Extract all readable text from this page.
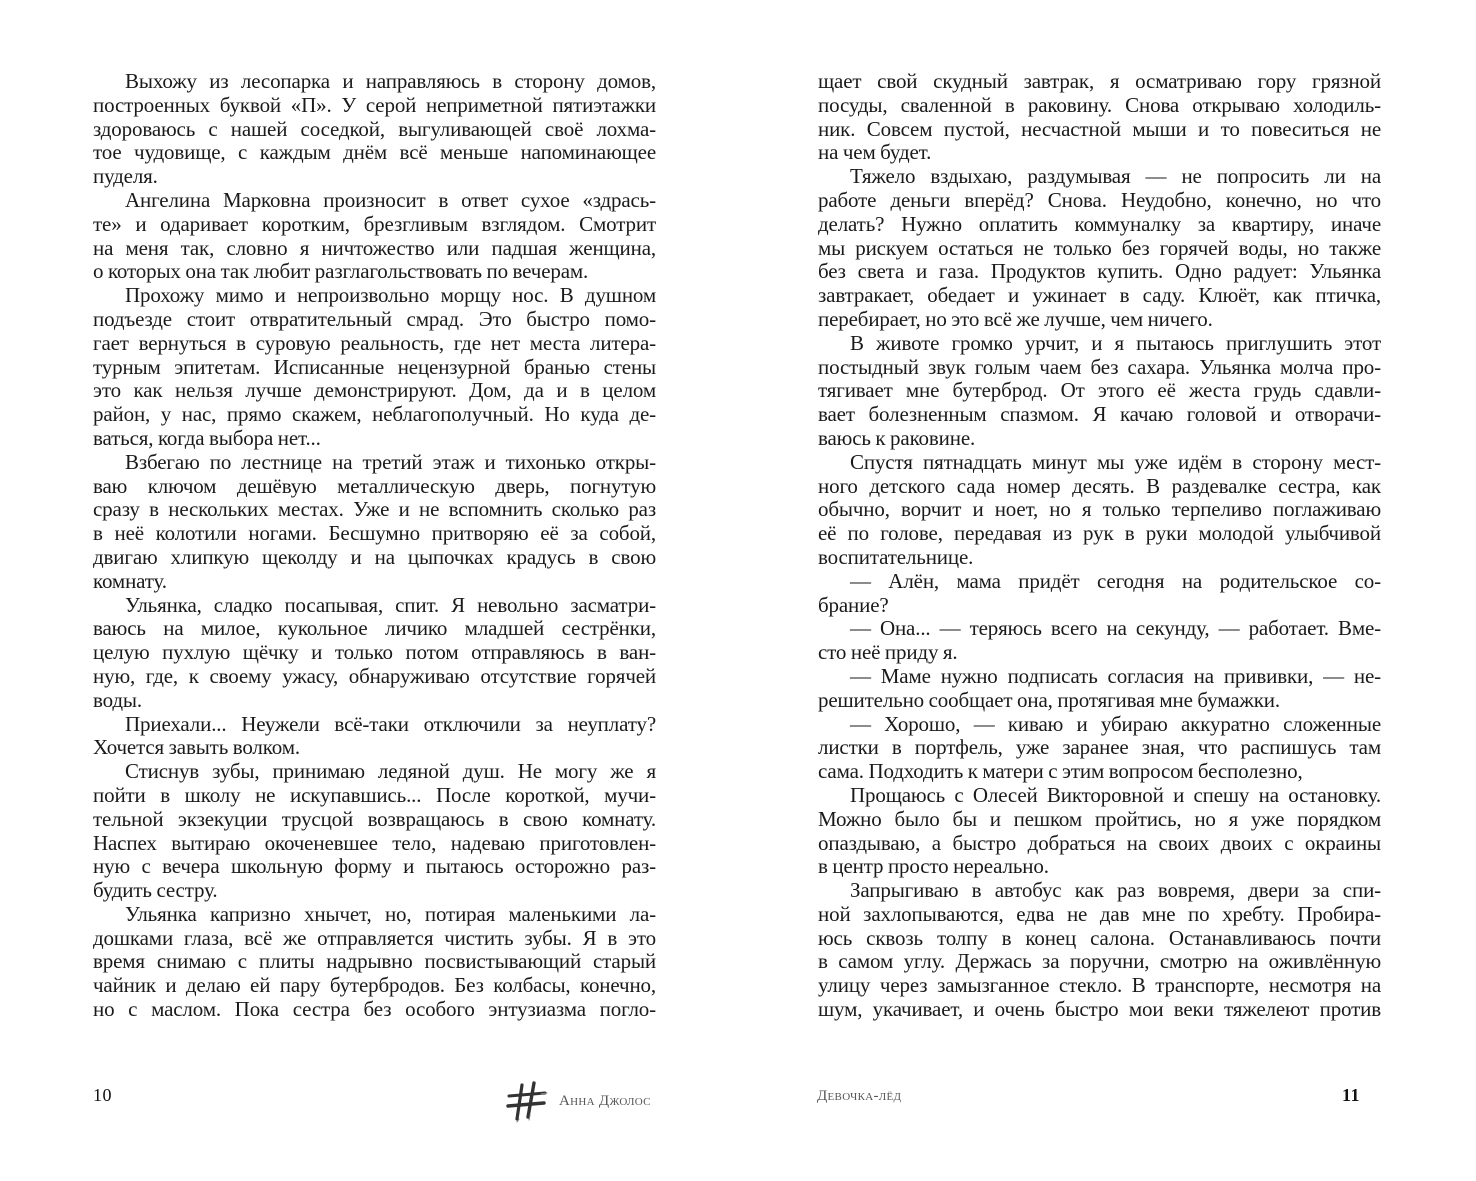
Выхожу из лесопарка и направляюсь в сторону домов,
построенных буквой «П». У серой неприметной пятиэтажки
здороваюсь с нашей соседкой, выгуливающей своё лохма-
тое чудовище, с каждым днём всё меньше напоминающее
пуделя.
Ангелина Марковна произносит в ответ сухое «здрась-
те» и одаривает коротким, брезгливым взглядом. Смотрит
на меня так, словно я ничтожество или падшая женщина,
о которых она так любит разглагольствовать по вечерам.
Прохожу мимо и непроизвольно морщу нос. В душном
подъезде стоит отвратительный смрад. Это быстро помо-
гает вернуться в суровую реальность, где нет места литера-
турным эпитетам. Исписанные нецензурной бранью стены
это как нельзя лучше демонстрируют. Дом, да и в целом
район, у нас, прямо скажем, неблагополучный. Но куда де-
ваться, когда выбора нет...
Взбегаю по лестнице на третий этаж и тихонько откры-
ваю ключом дешёвую металлическую дверь, погнутую
сразу в нескольких местах. Уже и не вспомнить сколько раз
в неё колотили ногами. Бесшумно притворяю её за собой,
двигаю хлипкую щеколду и на цыпочках крадусь в свою
комнату.
Ульянка, сладко посапывая, спит. Я невольно засматри-
ваюсь на милое, кукольное личико младшей сестрёнки,
целую пухлую щёчку и только потом отправляюсь в ван-
ную, где, к своему ужасу, обнаруживаю отсутствие горячей
воды.
Приехали... Неужели всё-таки отключили за неуплату?
Хочется завыть волком.
Стиснув зубы, принимаю ледяной душ. Не могу же я
пойти в школу не искупавшись... После короткой, мучи-
тельной экзекуции трусцой возвращаюсь в свою комнату.
Наспех вытираю окоченевшее тело, надеваю приготовлен-
ную с вечера школьную форму и пытаюсь осторожно раз-
будить сестру.
Ульянка капризно хнычет, но, потирая маленькими ла-
дошками глаза, всё же отправляется чистить зубы. Я в это
время снимаю с плиты надрывно посвистывающий старый
чайник и делаю ей пару бутербродов. Без колбасы, конечно,
но с маслом. Пока сестра без особого энтузиазма погло-
10	Анна Джолос
щает свой скудный завтрак, я осматриваю гору грязной
посуды, сваленной в раковину. Снова открываю холодиль-
ник. Совсем пустой, несчастной мыши и то повеситься не
на чем будет.
Тяжело вздыхаю, раздумывая — не попросить ли на
работе деньги вперёд? Снова. Неудобно, конечно, но что
делать? Нужно оплатить коммуналку за квартиру, иначе
мы рискуем остаться не только без горячей воды, но также
без света и газа. Продуктов купить. Одно радует: Ульянка
завтракает, обедает и ужинает в саду. Клюёт, как птичка,
перебирает, но это всё же лучше, чем ничего.
В животе громко урчит, и я пытаюсь приглушить этот
постыдный звук голым чаем без сахара. Ульянка молча про-
тягивает мне бутерброд. От этого её жеста грудь сдавли-
вает болезненным спазмом. Я качаю головой и отворачи-
ваюсь к раковине.
Спустя пятнадцать минут мы уже идём в сторону мест-
ного детского сада номер десять. В раздевалке сестра, как
обычно, ворчит и ноет, но я только терпеливо поглаживаю
её по голове, передавая из рук в руки молодой улыбчивой
воспитательнице.
— Алён, мама придёт сегодня на родительское со-
брание?
— Она... — теряюсь всего на секунду, — работает. Вме-
сто неё приду я.
— Маме нужно подписать согласия на прививки, — не-
решительно сообщает она, протягивая мне бумажки.
— Хорошо, — киваю и убираю аккуратно сложенные
листки в портфель, уже заранее зная, что распишусь там
сама. Подходить к матери с этим вопросом бесполезно,
Прощаюсь с Олесей Викторовной и спешу на остановку.
Можно было бы и пешком пройтись, но я уже порядком
опаздываю, а быстро добраться на своих двоих с окраины
в центр просто нереально.
Запрыгиваю в автобус как раз вовремя, двери за спи-
ной захлопываются, едва не дав мне по хребту. Пробира-
юсь сквозь толпу в конец салона. Останавливаюсь почти
в самом углу. Держась за поручни, смотрю на оживлённую
улицу через замызганное стекло. В транспорте, несмотря на
шум, укачивает, и очень быстро мои веки тяжелеют против
Девочка-лёд	11
